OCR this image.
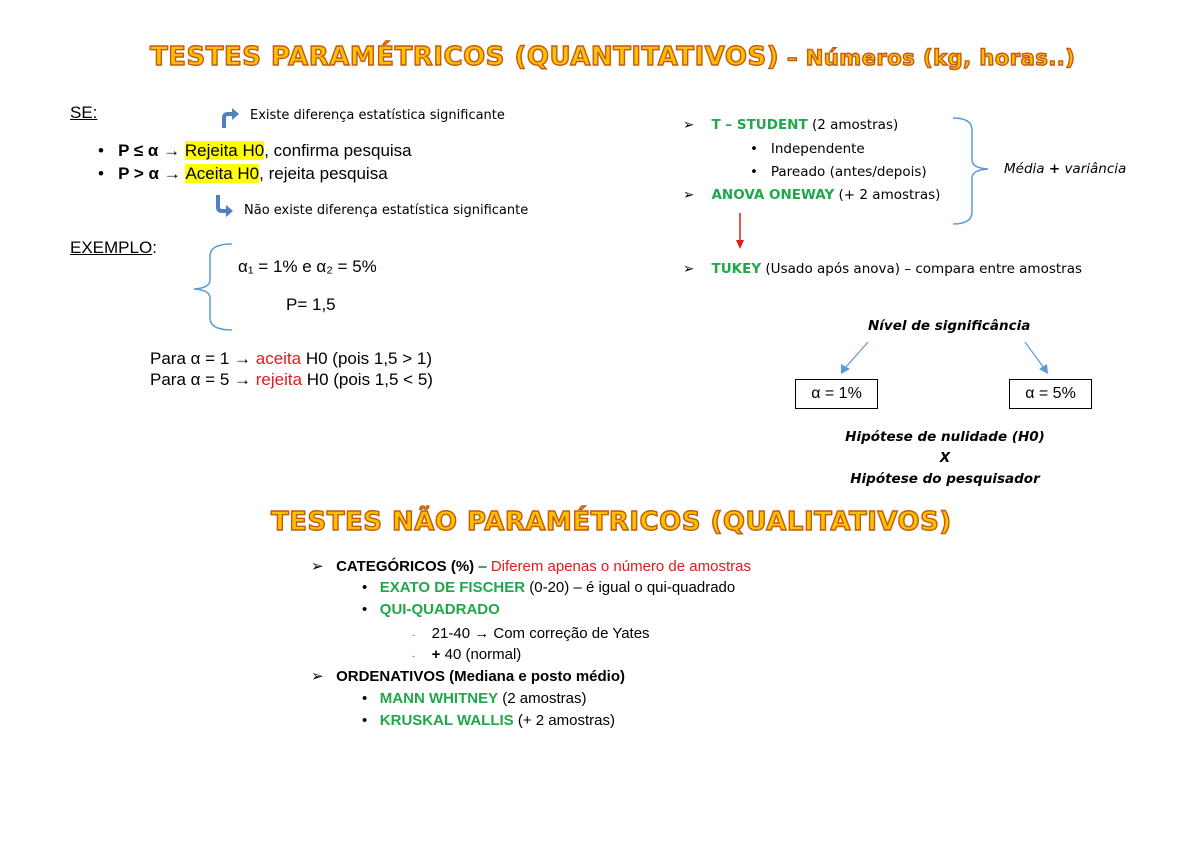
TESTES PARAMÉTRICOS (QUANTITATIVOS) – Números (kg, horas..)
SE:	Existe diferença estatística significante
• P ≤ α → Rejeita H0, confirma pesquisa
• P > α → Aceita H0, rejeita pesquisa
Não existe diferença estatística significante
EXEMPLO:
α₁ = 1% e α₂ = 5%
P= 1,5
Para α = 1 → aceita H0 (pois 1,5 > 1)
Para α = 5 → rejeita H0 (pois 1,5 < 5)
➢ T – STUDENT (2 amostras)
• Independente
• Pareado (antes/depois)
➢ ANOVA ONEWAY (+ 2 amostras)
Média + variância
➢ TUKEY (Usado após anova) – compara entre amostras
Nível de significância
α = 1%	α = 5%
Hipótese de nulidade (H0)
X
Hipótese do pesquisador
TESTES NÃO PARAMÉTRICOS (QUALITATIVOS)
➢ CATEGÓRICOS (%) – Diferem apenas o número de amostras
• EXATO DE FISCHER (0-20) – é igual o qui-quadrado
• QUI-QUADRADO
- 21-40 → Com correção de Yates
- + 40 (normal)
➢ ORDENATIVOS (Mediana e posto médio)
• MANN WHITNEY (2 amostras)
• KRUSKAL WALLIS (+ 2 amostras)
